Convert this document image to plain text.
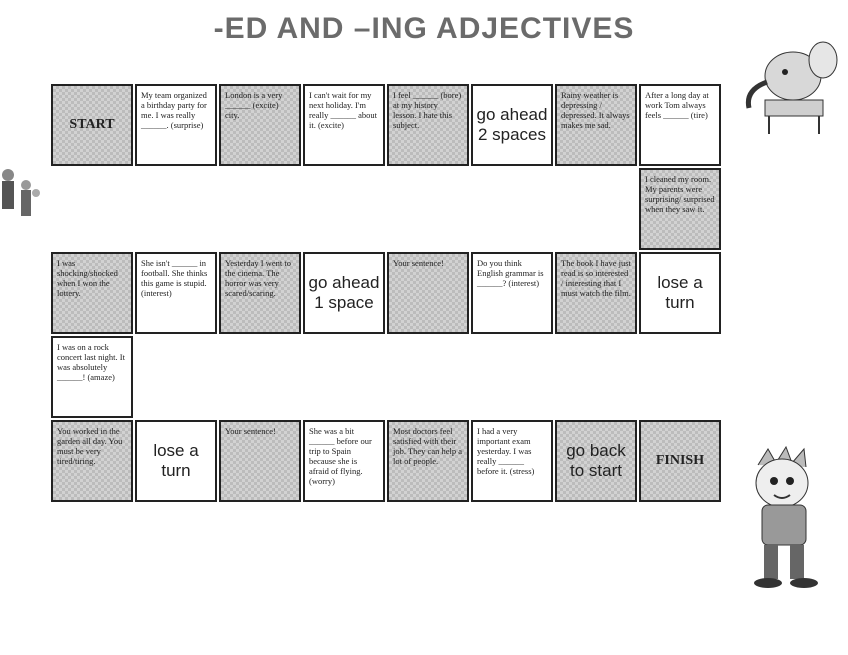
-ED AND –ING ADJECTIVES
START
My team organized a birthday party for me. I was really ______. (surprise)
London is a very ______ (excite) city.
I can't wait for my next holiday. I'm really ______ about it. (excite)
I feel ______ (bore) at my history lesson. I hate this subject.
go ahead 2 spaces
Rainy weather is depressing / depressed. It always makes me sad.
After a long day at work Tom always feels ______ (tire)
I cleaned my room. My parents were surprising/ surprised when they saw it.
lose a turn
The book I have just read is so interested / interesting that I must watch the film.
Do you think English grammar is ______? (interest)
Your sentence!
go ahead 1 space
Yesterday I went to the cinema. The horror was very scared/scaring.
She isn't ______ in football. She thinks this game is stupid. (interest)
I was shocking/shocked when I won the lottery.
I was on a rock concert last night. It was absolutely ______! (amaze)
You worked in the garden all day. You must be very tired/tiring.
lose a turn
Your sentence!	She was a bit ______ before our trip to Spain because she is afraid of flying. (worry)
Most doctors feel satisfied with their job. They can help a lot of people.
I had a very important exam yesterday. I was really ______ before it. (stress)
go back to start
FINISH
